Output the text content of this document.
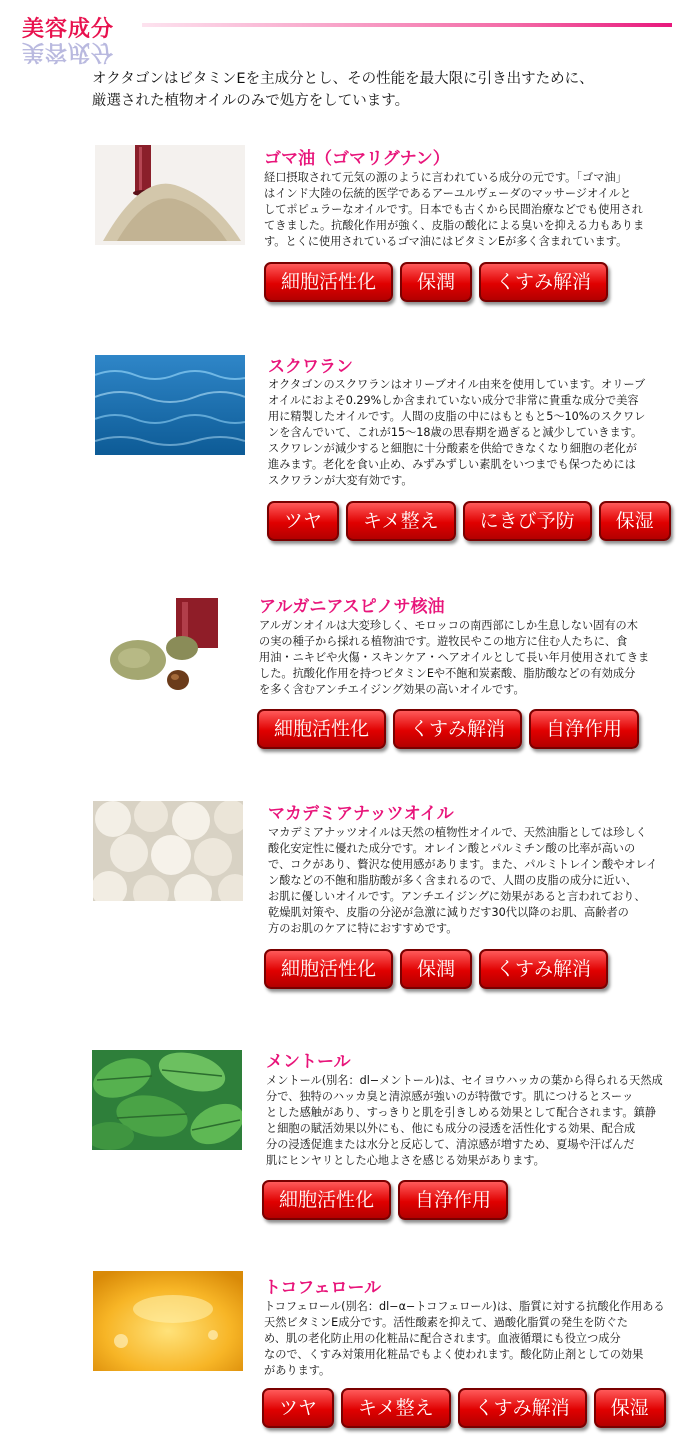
美容成分
美容成分
オクタゴンはビタミンEを主成分とし、その性能を最大限に引き出すために、
厳選された植物オイルのみで処方をしています。
ゴマ油（ゴマリグナン）
経口摂取されて元気の源のように言われている成分の元です。「ゴマ油」
はインド大陸の伝統的医学であるアーユルヴェーダのマッサージオイルと
してポピュラーなオイルです。日本でも古くから民間治療などでも使用され
てきました。抗酸化作用が強く、皮脂の酸化による臭いを抑える力もありま
す。とくに使用されているゴマ油にはビタミンEが多く含まれています。
細胞活性化	保潤	くすみ解消
スクワラン
オクタゴンのスクワランはオリーブオイル由来を使用しています。オリーブ
オイルにおよそ0.29%しか含まれていない成分で非常に貴重な成分で美容
用に精製したオイルです。人間の皮脂の中にはもともと5〜10%のスクワレ
ンを含んでいて、これが15〜18歳の思春期を過ぎると減少していきます。
スクワレンが減少すると細胞に十分酸素を供給できなくなり細胞の老化が
進みます。老化を食い止め、みずみずしい素肌をいつまでも保つためには
スクワランが大変有効です。
ツヤ	キメ整え	にきび予防	保湿
アルガニアスピノサ核油
アルガンオイルは大変珍しく、モロッコの南西部にしか生息しない固有の木
の実の種子から採れる植物油です。遊牧民やこの地方に住む人たちに、食
用油・ニキビや火傷・スキンケア・ヘアオイルとして長い年月使用されてきま
した。抗酸化作用を持つビタミンEや不飽和炭素酸、脂肪酸などの有効成分
を多く含むアンチエイジング効果の高いオイルです。
細胞活性化	くすみ解消	自浄作用
マカデミアナッツオイル
マカデミアナッツオイルは天然の植物性オイルで、天然油脂としては珍しく
酸化安定性に優れた成分です。オレイン酸とパルミチン酸の比率が高いの
で、コクがあり、贅沢な使用感があります。また、パルミトレイン酸やオレイ
ン酸などの不飽和脂肪酸が多く含まれるので、人間の皮脂の成分に近い、
お肌に優しいオイルです。アンチエイジングに効果があると言われており、
乾燥肌対策や、皮脂の分泌が急激に減りだす30代以降のお肌、高齢者の
方のお肌のケアに特におすすめです。
細胞活性化	保潤	くすみ解消
メントール
メントール(別名：dl−メントール)は、セイヨウハッカの葉から得られる天然成
分で、独特のハッカ臭と清涼感が強いのが特徴です。肌につけるとスーッ
とした感触があり、すっきりと肌を引きしめる効果として配合されます。鎮静
と細胞の賦活効果以外にも、他にも成分の浸透を活性化する効果、配合成
分の浸透促進または水分と反応して、清涼感が増すため、夏場や汗ばんだ
肌にヒンヤリとした心地よさを感じる効果があります。
細胞活性化	自浄作用
トコフェロール
トコフェロール(別名：dl−α−トコフェロール)は、脂質に対する抗酸化作用ある
天然ビタミンE成分です。活性酸素を抑えて、過酸化脂質の発生を防ぐた
め、肌の老化防止用の化粧品に配合されます。血液循環にも役立つ成分
なので、くすみ対策用化粧品でもよく使われます。酸化防止剤としての効果
があります。
ツヤ	キメ整え	くすみ解消	保湿
